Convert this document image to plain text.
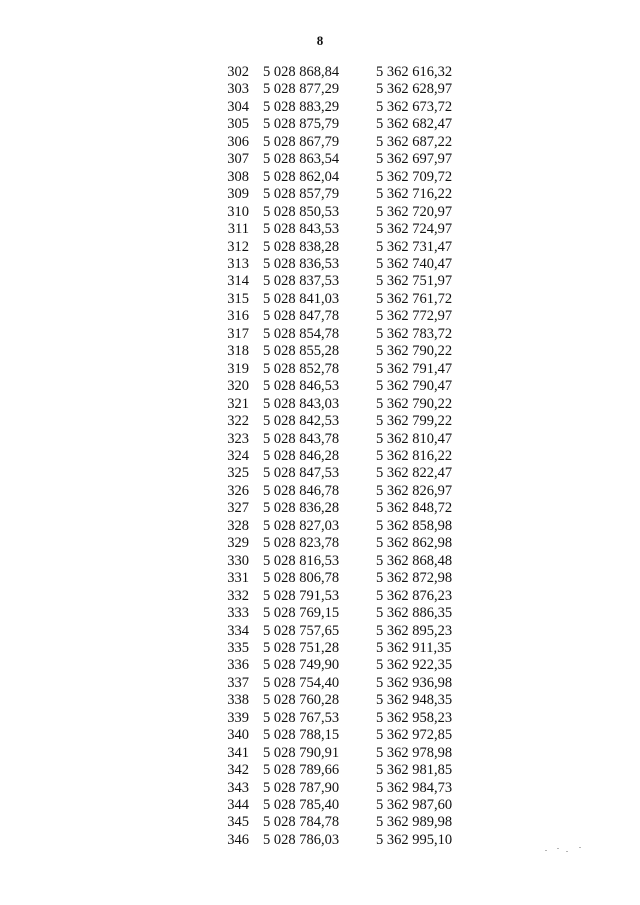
8
302 5 028 868,84	5 362 616,32
303 5 028 877,29	5 362 628,97
304 5 028 883,29	5 362 673,72
305 5 028 875,79	5 362 682,47
306 5 028 867,79	5 362 687,22
307 5 028 863,54	5 362 697,97
308 5 028 862,04	5 362 709,72
309 5 028 857,79	5 362 716,22
310 5 028 850,53	5 362 720,97
311 5 028 843,53	5 362 724,97
312 5 028 838,28	5 362 731,47
313 5 028 836,53	5 362 740,47
314 5 028 837,53	5 362 751,97
315 5 028 841,03	5 362 761,72
316 5 028 847,78	5 362 772,97
317 5 028 854,78	5 362 783,72
318 5 028 855,28	5 362 790,22
319 5 028 852,78	5 362 791,47
320 5 028 846,53	5 362 790,47
321 5 028 843,03	5 362 790,22
322 5 028 842,53	5 362 799,22
323 5 028 843,78	5 362 810,47
324 5 028 846,28	5 362 816,22
325 5 028 847,53	5 362 822,47
326 5 028 846,78	5 362 826,97
327 5 028 836,28	5 362 848,72
328 5 028 827,03	5 362 858,98
329 5 028 823,78	5 362 862,98
330 5 028 816,53	5 362 868,48
331 5 028 806,78	5 362 872,98
332 5 028 791,53	5 362 876,23
333 5 028 769,15	5 362 886,35
334 5 028 757,65	5 362 895,23
335 5 028 751,28	5 362 911,35
336 5 028 749,90	5 362 922,35
337 5 028 754,40	5 362 936,98
338 5 028 760,28	5 362 948,35
339 5 028 767,53	5 362 958,23
340 5 028 788,15	5 362 972,85
341 5 028 790,91	5 362 978,98
342 5 028 789,66	5 362 981,85
343 5 028 787,90	5 362 984,73
344 5 028 785,40	5 362 987,60
345 5 028 784,78	5 362 989,98
346 5 028 786,03	5 362 995,10
